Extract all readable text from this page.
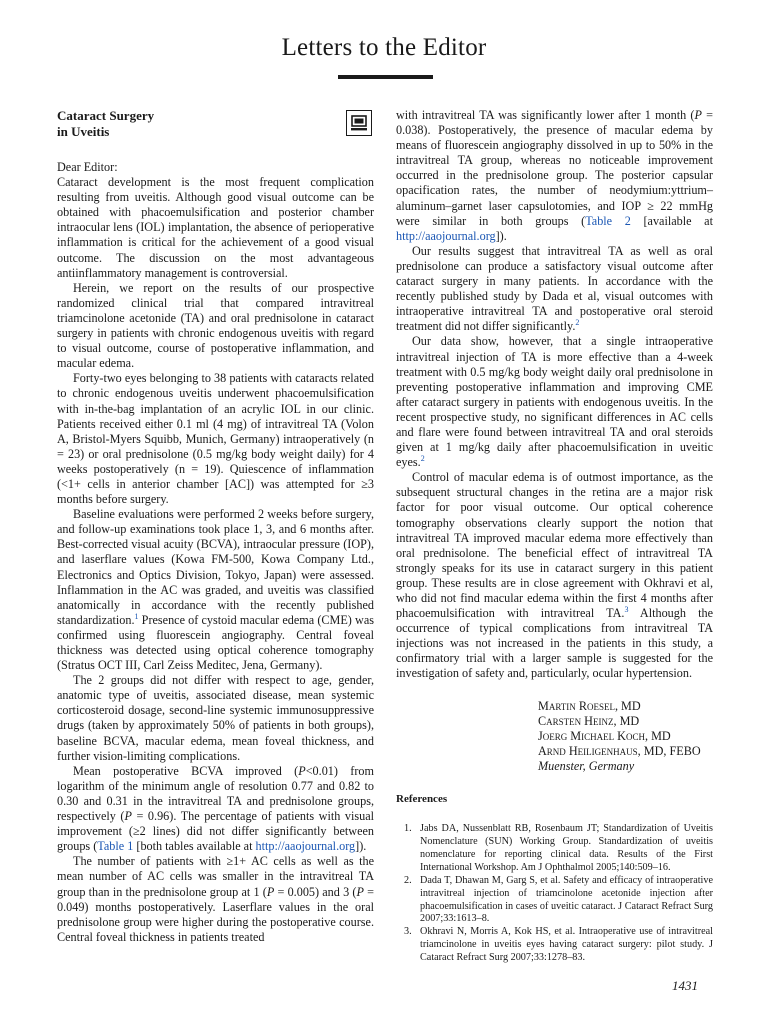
Letters to the Editor
Cataract Surgery
in Uveitis

Dear Editor:

Cataract development is the most frequent complication resulting from uveitis. Although good visual outcome can be obtained with phacoemulsification and posterior chamber intraocular lens (IOL) implantation, the absence of perioperative inflammation is critical for the achievement of a good visual outcome. The discussion on the most advantageous antiinflammatory management is controversial.

Herein, we report on the results of our prospective randomized clinical trial that compared intravitreal triamcinolone acetonide (TA) and oral prednisolone in cataract surgery in patients with chronic endogenous uveitis with regard to visual outcome, course of postoperative inflammation, and macular edema.

Forty-two eyes belonging to 38 patients with cataracts related to chronic endogenous uveitis underwent phacoemulsification with in-the-bag implantation of an acrylic IOL in our clinic. Patients received either 0.1 ml (4 mg) of intravitreal TA (Volon A, Bristol-Myers Squibb, Munich, Germany) intraoperatively (n = 23) or oral prednisolone (0.5 mg/kg body weight daily) for 4 weeks postoperatively (n = 19). Quiescence of inflammation (<1+ cells in anterior chamber [AC]) was attempted for ≥3 months before surgery.

Baseline evaluations were performed 2 weeks before surgery, and follow-up examinations took place 1, 3, and 6 months after. Best-corrected visual acuity (BCVA), intraocular pressure (IOP), and laserflare values (Kowa FM-500, Kowa Company Ltd., Electronics and Optics Division, Tokyo, Japan) were assessed. Inflammation in the AC was graded, and uveitis was classified anatomically in accordance with the recently published standardization.$^1$ Presence of cystoid macular edema (CME) was confirmed using fluorescein angiography. Central foveal thickness was detected using optical coherence tomography (Stratus OCT III, Carl Zeiss Meditec, Jena, Germany).

The 2 groups did not differ with respect to age, gender, anatomic type of uveitis, associated disease, mean systemic corticosteroid dosage, second-line systemic immunosuppressive drugs (taken by approximately 50% of patients in both groups), baseline BCVA, macular edema, mean foveal thickness, and further vision-limiting complications.

Mean postoperative BCVA improved (P<0.01) from logarithm of the minimum angle of resolution 0.77 and 0.82 to 0.30 and 0.31 in the intravitreal TA and prednisolone groups, respectively (P = 0.96). The percentage of patients with visual improvement (≥2 lines) did not differ significantly between groups (Table 1 [both tables available at http://aaojournal.org]).

The number of patients with ≥1+ AC cells as well as the mean number of AC cells was smaller in the intravitreal TA group than in the prednisolone group at 1 (P = 0.005) and 3 (P = 0.049) months postoperatively. Laserflare values in the oral prednisolone group were higher during the postoperative course. Central foveal thickness in patients treated

with intravitreal TA was significantly lower after 1 month (P = 0.038). Postoperatively, the presence of macular edema by means of fluorescein angiography dissolved in up to 50% in the intravitreal TA group, whereas no noticeable improvement occurred in the prednisolone group. The posterior capsular opacification rates, the number of neodymium:yttrium–aluminum–garnet laser capsulotomies, and IOP ≥ 22 mmHg were similar in both groups (Table 2 [available at http://aaojournal.org]).

Our results suggest that intravitreal TA as well as oral prednisolone can produce a satisfactory visual outcome after cataract surgery in many patients. In accordance with the recently published study by Dada et al, visual outcomes with intraoperative intravitreal TA and postoperative oral steroid treatment did not differ significantly.$^2$

Our data show, however, that a single intraoperative intravitreal injection of TA is more effective than a 4-week treatment with 0.5 mg/kg body weight daily oral prednisolone in preventing postoperative inflammation and improving CME after cataract surgery in patients with endogenous uveitis. In the recent prospective study, no significant differences in AC cells and flare were found between intravitreal TA and oral steroids given at 1 mg/kg daily after phacoemulsification in uveitic eyes.$^2$

Control of macular edema is of outmost importance, as the subsequent structural changes in the retina are a major risk factor for poor visual outcome. Our optical coherence tomography observations clearly support the notion that intravitreal TA improved macular edema more effectively than oral prednisolone. The beneficial effect of intravitreal TA strongly speaks for its use in cataract surgery in this patient group. These results are in close agreement with Okhravi et al, who did not find macular edema within the first 4 months after phacoemulsification with intravitreal TA.$^3$ Although the occurrence of typical complications from intravitreal TA injections was not increased in the patients in this study, a confirmatory trial with a larger sample is suggested for the investigation of safety and, particularly, ocular hypertension.

Martin Roesel, MD
Carsten Heinz, MD
Joerg Michael Koch, MD
Arnd Heiligenhaus, MD, FEBO
Muenster, Germany
References
1. Jabs DA, Nussenblatt RB, Rosenbaum JT; Standardization of Uveitis Nomenclature (SUN) Working Group. Standardization of uveitis nomenclature for reporting clinical data. Results of the First International Workshop. Am J Ophthalmol 2005;140:509–16.
2. Dada T, Dhawan M, Garg S, et al. Safety and efficacy of intraoperative intravitreal injection of triamcinolone acetonide injection after phacoemulsification in cases of uveitic cataract. J Cataract Refract Surg 2007;33:1613–8.
3. Okhravi N, Morris A, Kok HS, et al. Intraoperative use of intravitreal triamcinolone in uveitis eyes having cataract surgery: pilot study. J Cataract Refract Surg 2007;33:1278–83.
1431
